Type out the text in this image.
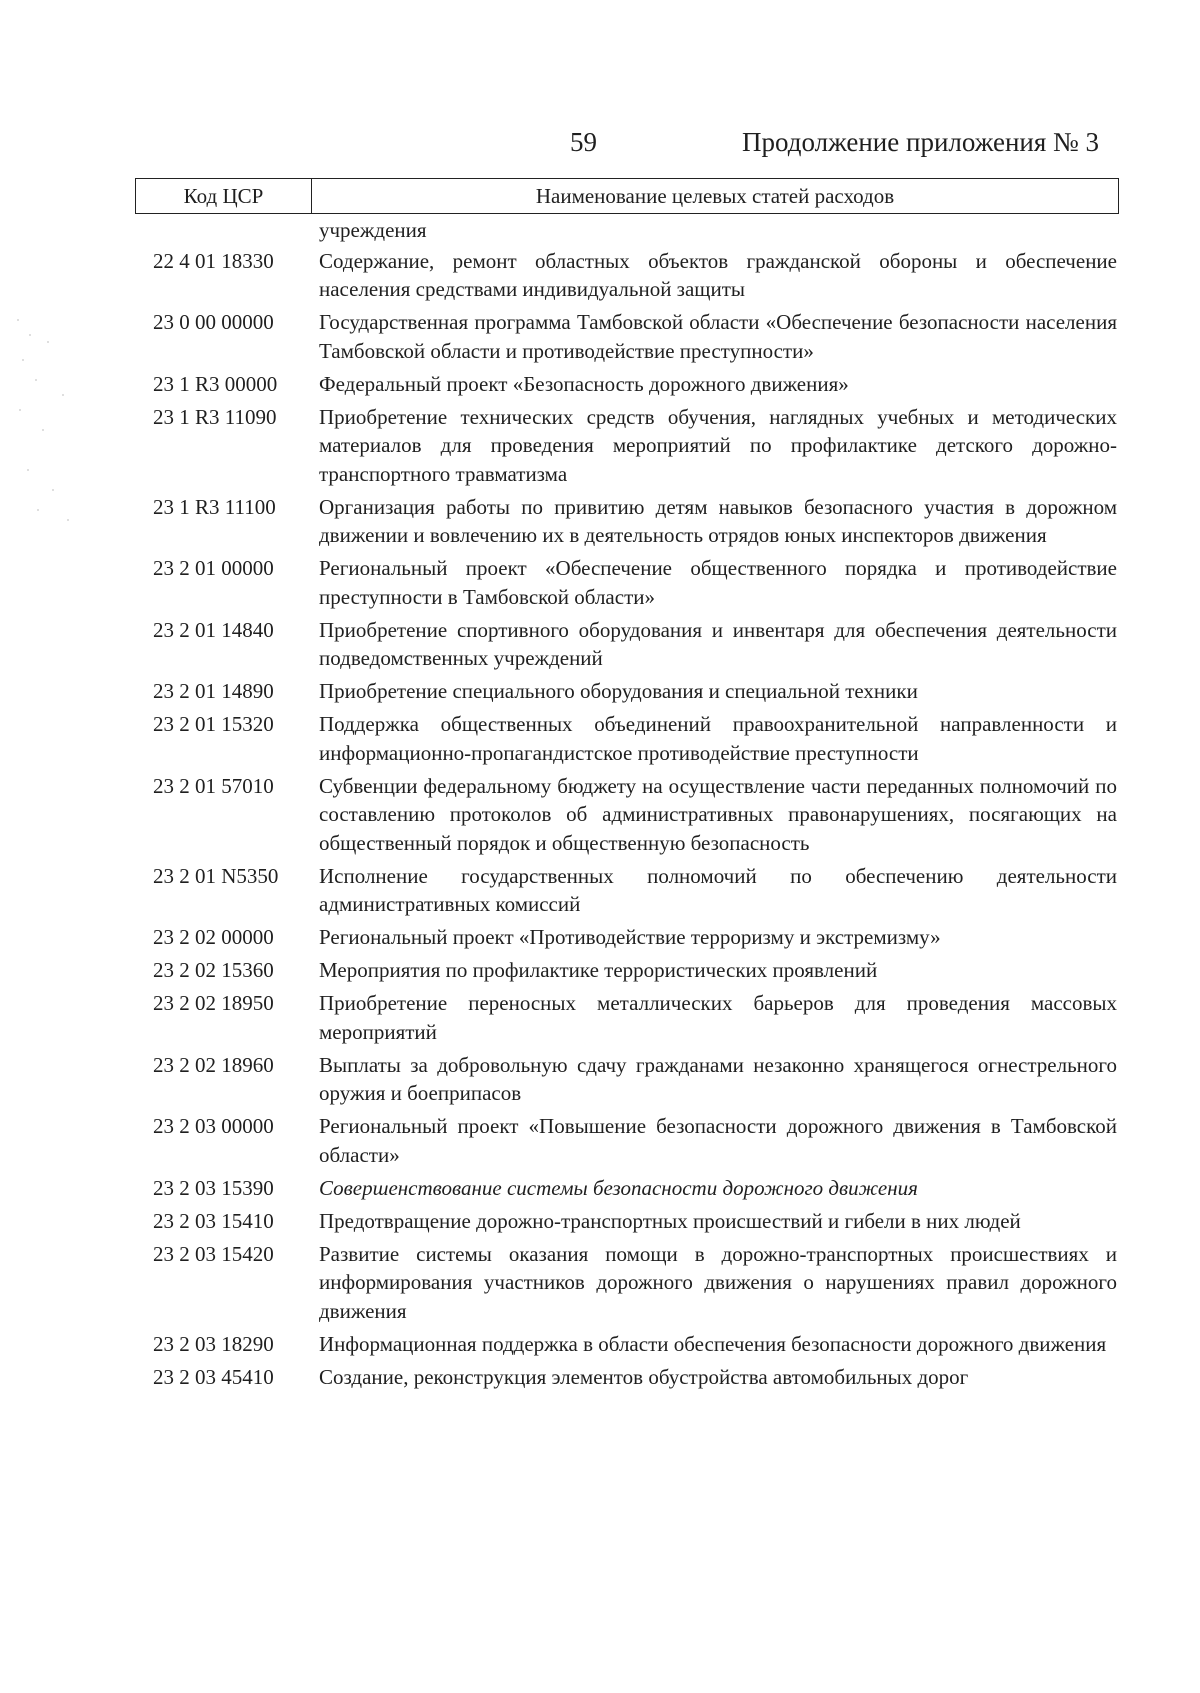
59	Продолжение приложения № 3
Код ЦСР	Наименование целевых статей расходов
учреждения
22 4 01 18330	Содержание, ремонт областных объектов гражданской обороны и обеспечение населения средствами индивидуальной защиты
23 0 00 00000	Государственная программа Тамбовской области «Обеспечение безопасности населения Тамбовской области и противодействие преступности»
23 1 R3 00000	Федеральный проект «Безопасность дорожного движения»
23 1 R3 11090	Приобретение технических средств обучения, наглядных учебных и методических материалов для проведения мероприятий по профилактике детского дорожно-транспортного травматизма
23 1 R3 11100	Организация работы по привитию детям навыков безопасного участия в дорожном движении и вовлечению их в деятельность отрядов юных инспекторов движения
23 2 01 00000	Региональный проект «Обеспечение общественного порядка и противодействие преступности в Тамбовской области»
23 2 01 14840	Приобретение спортивного оборудования и инвентаря для обеспечения деятельности подведомственных учреждений
23 2 01 14890	Приобретение специального оборудования и специальной техники
23 2 01 15320	Поддержка общественных объединений правоохранительной направленности и информационно-пропагандистское противодействие преступности
23 2 01 57010	Субвенции федеральному бюджету на осуществление части переданных полномочий по составлению протоколов об административных правонарушениях, посягающих на общественный порядок и общественную безопасность
23 2 01 N5350	Исполнение государственных полномочий по обеспечению деятельности административных комиссий
23 2 02 00000	Региональный проект «Противодействие терроризму и экстремизму»
23 2 02 15360	Мероприятия по профилактике террористических проявлений
23 2 02 18950	Приобретение переносных металлических барьеров для проведения массовых мероприятий
23 2 02 18960	Выплаты за добровольную сдачу гражданами незаконно хранящегося огнестрельного оружия и боеприпасов
23 2 03 00000	Региональный проект «Повышение безопасности дорожного движения в Тамбовской области»
23 2 03 15390	Совершенствование системы безопасности дорожного движения
23 2 03 15410	Предотвращение дорожно-транспортных происшествий и гибели в них людей
23 2 03 15420	Развитие системы оказания помощи в дорожно-транспортных происшествиях и информирования участников дорожного движения о нарушениях правил дорожного движения
23 2 03 18290	Информационная поддержка в области обеспечения безопасности дорожного движения
23 2 03 45410	Создание, реконструкция элементов обустройства автомобильных дорог
